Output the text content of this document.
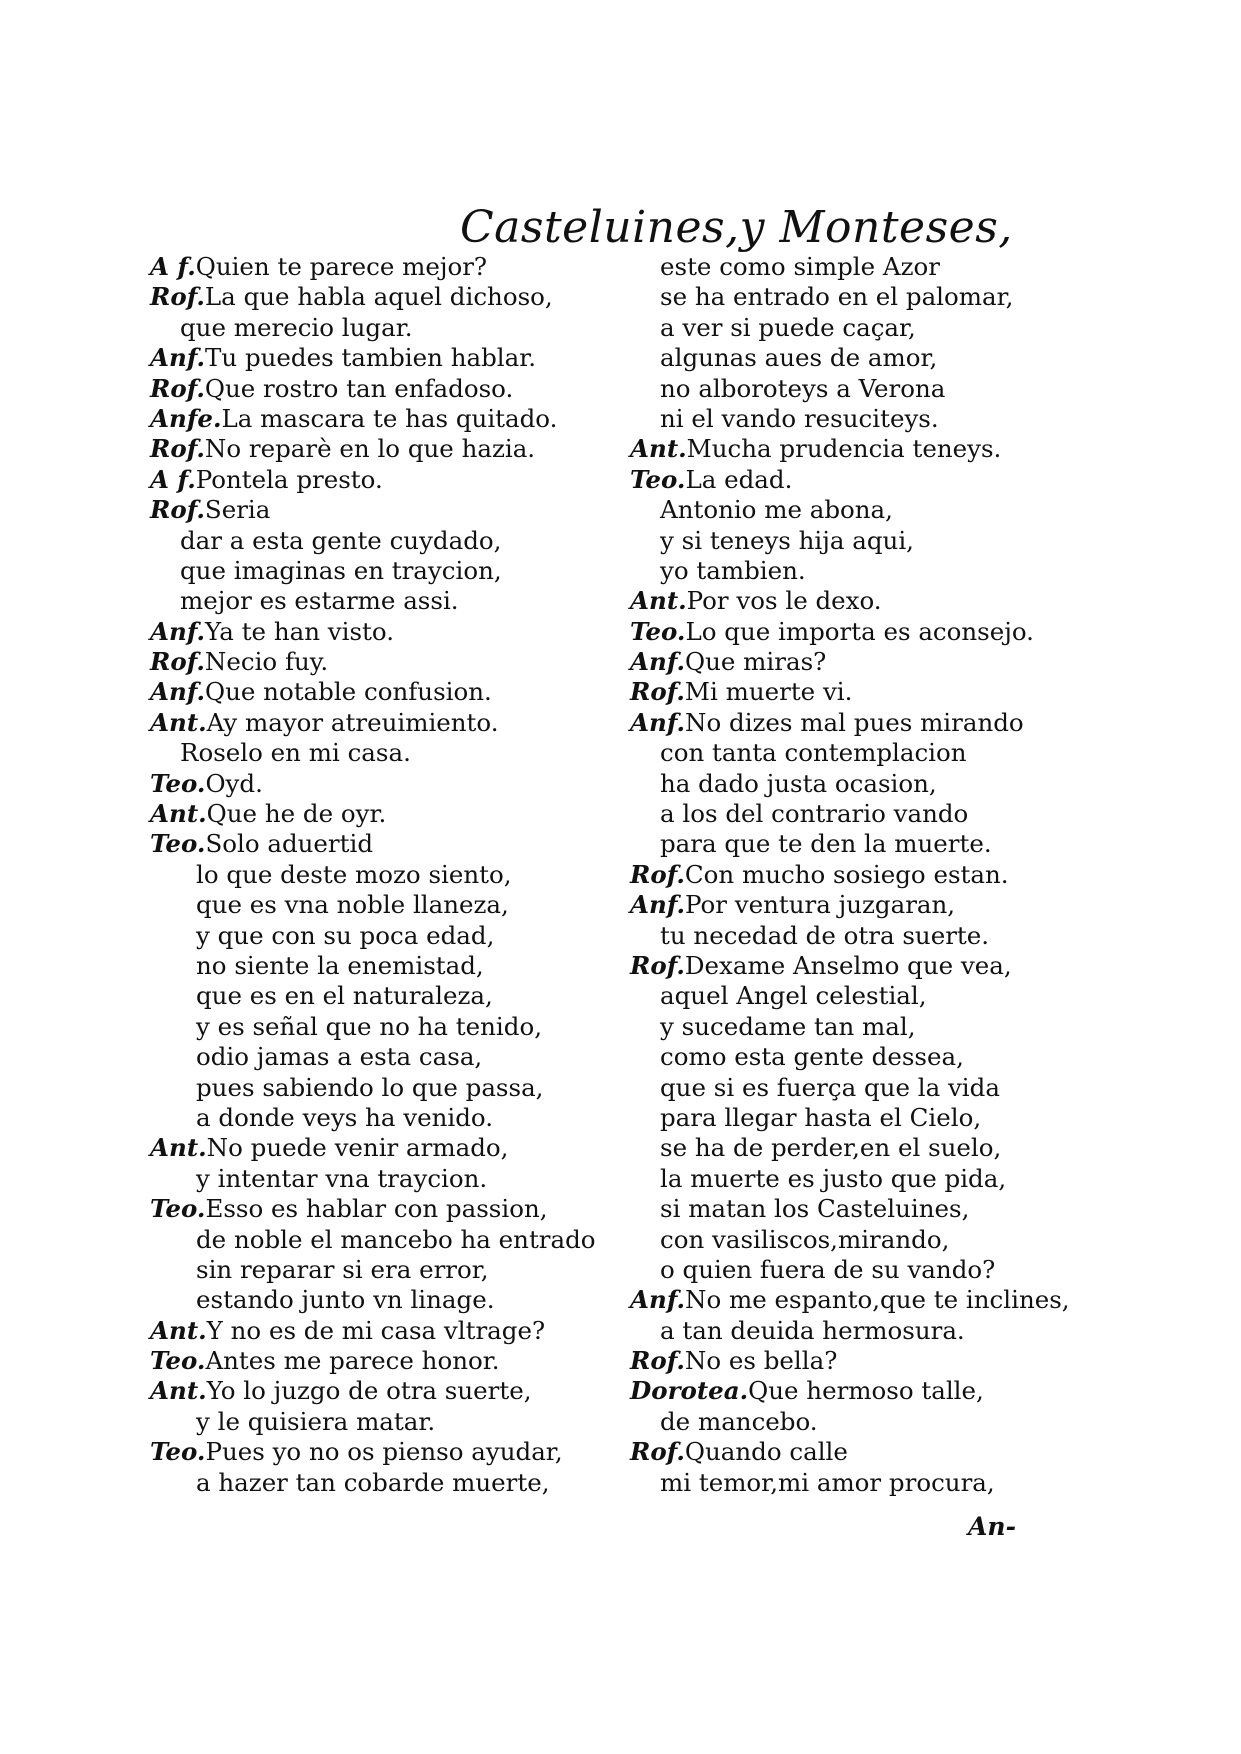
Casteluines,y Monteses,
A f.Quien te parece mejor?
Rof.La que habla aquel dichoso,
que merecio lugar.
Anf.Tu puedes tambien hablar.
Rof.Que rostro tan enfadoso.
Anfe.La mascara te has quitado.
Rof.No reparè en lo que hazia.
A f.Pontela presto.
Rof.Seria
dar a esta gente cuydado,
que imaginas en traycion,
mejor es estarme assi.
Anf.Ya te han visto.
Rof.Necio fuy.
Anf.Que notable confusion.
Ant.Ay mayor atreuimiento.
Roselo en mi casa.
Teo.Oyd.
Ant.Que he de oyr.
Teo.Solo aduertid
lo que deste mozo siento,
que es vna noble llaneza,
y que con su poca edad,
no siente la enemistad,
que es en el naturaleza,
y es señal que no ha tenido,
odio jamas a esta casa,
pues sabiendo lo que passa,
a donde veys ha venido.
Ant.No puede venir armado,
y intentar vna traycion.
Teo.Esso es hablar con passion,
de noble el mancebo ha entrado
sin reparar si era error,
estando junto vn linage.
Ant.Y no es de mi casa vltrage?
Teo.Antes me parece honor.
Ant.Yo lo juzgo de otra suerte,
y le quisiera matar.
Teo.Pues yo no os pienso ayudar,
a hazer tan cobarde muerte,
este como simple Azor
se ha entrado en el palomar,
a ver si puede caçar,
algunas aues de amor,
no alboroteys a Verona
ni el vando resuciteys.
Ant.Mucha prudencia teneys.
Teo.La edad.
Antonio me abona,
y si teneys hija aqui,
yo tambien.
Ant.Por vos le dexo.
Teo.Lo que importa es aconsejo.
Anf.Que miras?
Rof.Mi muerte vi.
Anf.No dizes mal pues mirando
con tanta contemplacion
ha dado justa ocasion,
a los del contrario vando
para que te den la muerte.
Rof.Con mucho sosiego estan.
Anf.Por ventura juzgaran,
tu necedad de otra suerte.
Rof.Dexame Anselmo que vea,
aquel Angel celestial,
y sucedame tan mal,
como esta gente dessea,
que si es fuerça que la vida
para llegar hasta el Cielo,
se ha de perder,en el suelo,
la muerte es justo que pida,
si matan los Casteluines,
con vasiliscos,mirando,
o quien fuera de su vando?
Anf.No me espanto,que te inclines,
a tan deuida hermosura.
Rof.No es bella?
Dorotea.Que hermoso talle,
de mancebo.
Rof.Quando calle
mi temor,mi amor procura,
An-
